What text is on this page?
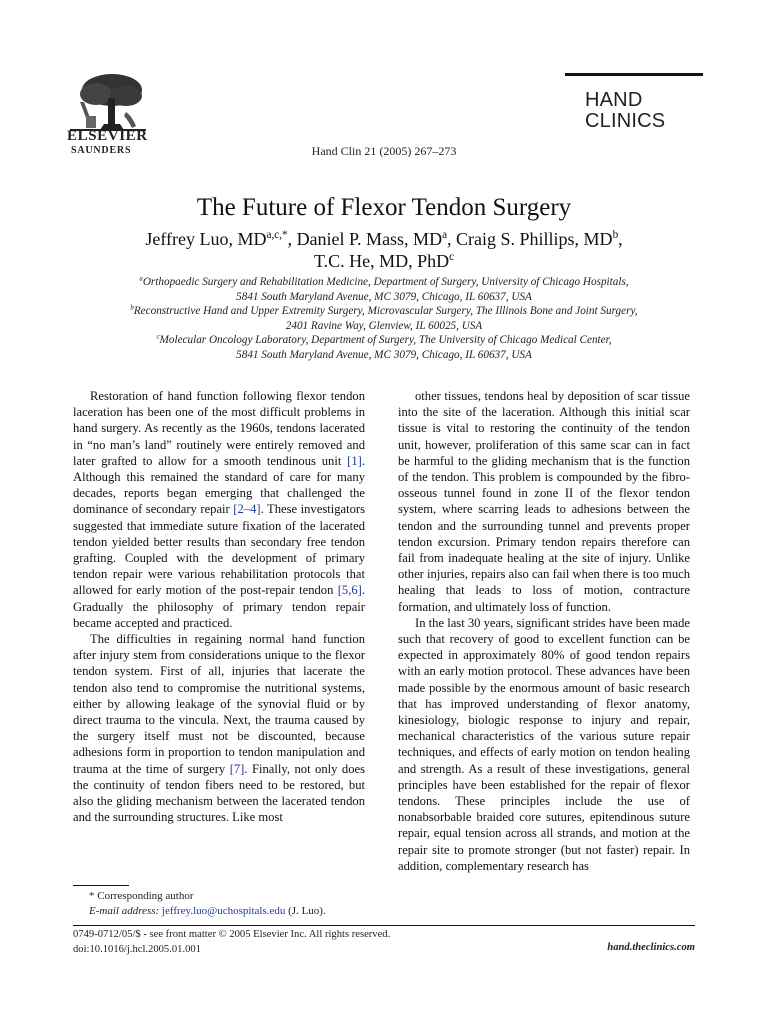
ELSEVIER
SAUNDERS	Hand Clin 21 (2005) 267–273
HAND
CLINICS
The Future of Flexor Tendon Surgery
Jeffrey Luo, $MD^{a,c,*}$, Daniel P. Mass, $MD^a$, Craig S. Phillips, $MD^b$,
T.C. He, MD, PhD$^c$
$^a$Orthopaedic Surgery and Rehabilitation Medicine, Department of Surgery, University of Chicago Hospitals,
5841 South Maryland Avenue, MC 3079, Chicago, IL 60637, USA
$^b$Reconstructive Hand and Upper Extremity Surgery, Microvascular Surgery, The Illinois Bone and Joint Surgery,
2401 Ravine Way, Glenview, IL 60025, USA
$^c$Molecular Oncology Laboratory, Department of Surgery, The University of Chicago Medical Center,
5841 South Maryland Avenue, MC 3079, Chicago, IL 60637, USA

Restoration of hand function following flexor tendon laceration has been one of the most difficult problems in hand surgery. As recently as the 1960s, tendons lacerated in “no man’s land” routinely were entirely removed and later grafted to allow for a smooth tendinous unit [1]. Although this remained the standard of care for many decades, reports began emerging that challenged the dominance of secondary repair [2–4]. These investigators suggested that immediate suture fixation of the lacerated tendon yielded better results than secondary free tendon grafting. Coupled with the development of primary tendon repair were various rehabilitation protocols that allowed for early motion of the post-repair tendon [5,6]. Gradually the philosophy of primary tendon repair became accepted and practiced.

The difficulties in regaining normal hand function after injury stem from considerations unique to the flexor tendon system. First of all, injuries that lacerate the tendon also tend to compromise the nutritional systems, either by allowing leakage of the synovial fluid or by direct trauma to the vincula. Next, the trauma caused by the surgery itself must not be discounted, because adhesions form in proportion to tendon manipulation and trauma at the time of surgery [7]. Finally, not only does the continuity of tendon fibers need to be restored, but also the gliding mechanism between the lacerated tendon and the surrounding structures. Like most

other tissues, tendons heal by deposition of scar tissue into the site of the laceration. Although this initial scar tissue is vital to restoring the continuity of the tendon unit, however, proliferation of this same scar can in fact be harmful to the gliding mechanism that is the function of the tendon. This problem is compounded by the fibro-osseous tunnel found in zone II of the flexor tendon system, where scarring leads to adhesions between the tendon and the surrounding tunnel and prevents proper tendon excursion. Primary tendon repairs therefore can fail from inadequate healing at the site of injury. Unlike other injuries, repairs also can fail when there is too much healing that leads to loss of motion, contracture formation, and ultimately loss of function.

In the last 30 years, significant strides have been made such that recovery of good to excellent function can be expected in approximately 80% of good tendon repairs with an early motion protocol. These advances have been made possible by the enormous amount of basic research that has improved understanding of flexor anatomy, kinesiology, biologic response to injury and repair, mechanical characteristics of the various suture repair techniques, and effects of early motion on tendon healing and strength. As a result of these investigations, general principles have been established for the repair of flexor tendons. These principles include the use of nonabsorbable braided core sutures, epitendinous suture repair, equal tension across all strands, and motion at the repair site to promote stronger (but not faster) repair. In addition, complementary research has

* Corresponding author
E-mail address: jeffrey.luo@uchospitals.edu (J. Luo).
0749-0712/05/$ - see front matter © 2005 Elsevier Inc. All rights reserved.
doi:10.1016/j.hcl.2005.01.001	hand.theclinics.com
